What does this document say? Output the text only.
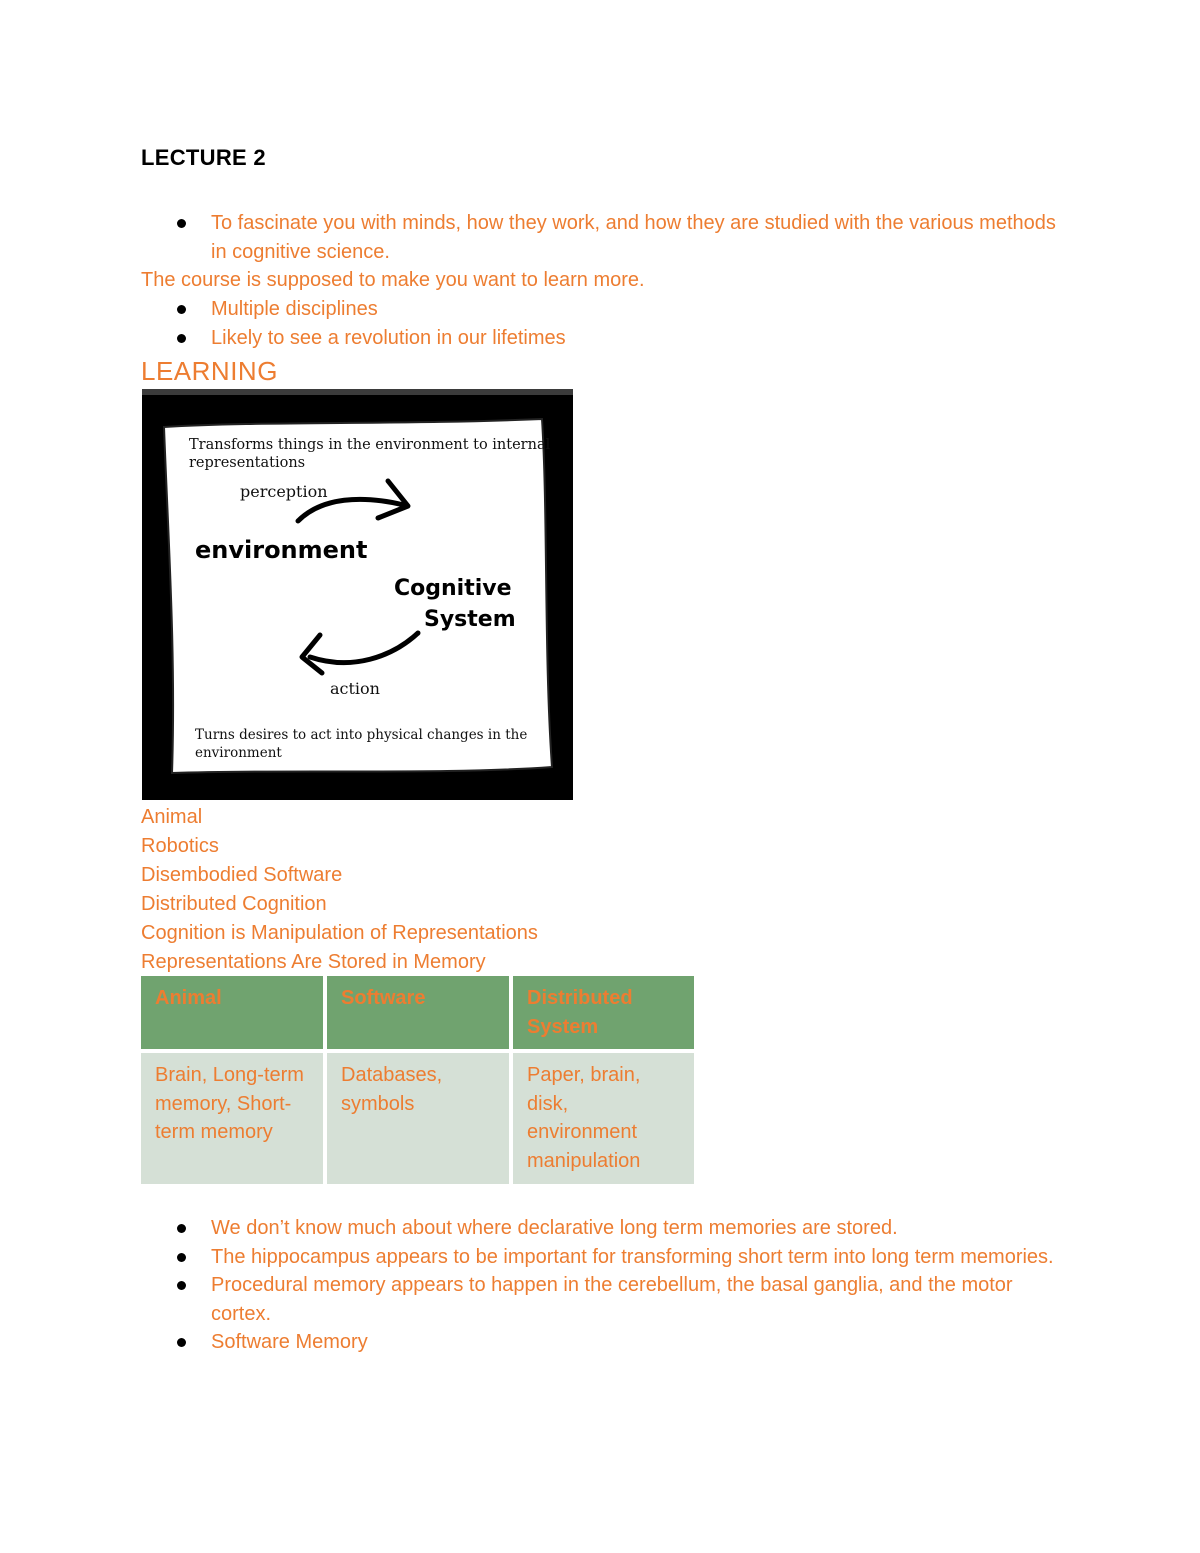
LECTURE 2
To fascinate you with minds, how they work, and how they are studied with the various methods in cognitive science.
The course is supposed to make you want to learn more.
Multiple disciplines
Likely to see a revolution in our lifetimes
LEARNING
Transforms things in the environment to internal
representations
perception
environment
Cognitive
System
action
Turns desires to act into physical changes in the
environment
Animal
Robotics
Disembodied Software
Distributed Cognition
Cognition is Manipulation of Representations
Representations Are Stored in Memory
Animal	Software	Distributed System

Brain, Long-term memory, Short-term memory	Databases, symbols	Paper, brain, disk, environment manipulation
We don’t know much about where declarative long term memories are stored.
The hippocampus appears to be important for transforming short term into long term memories.
Procedural memory appears to happen in the cerebellum, the basal ganglia, and the motor cortex.
Software Memory
